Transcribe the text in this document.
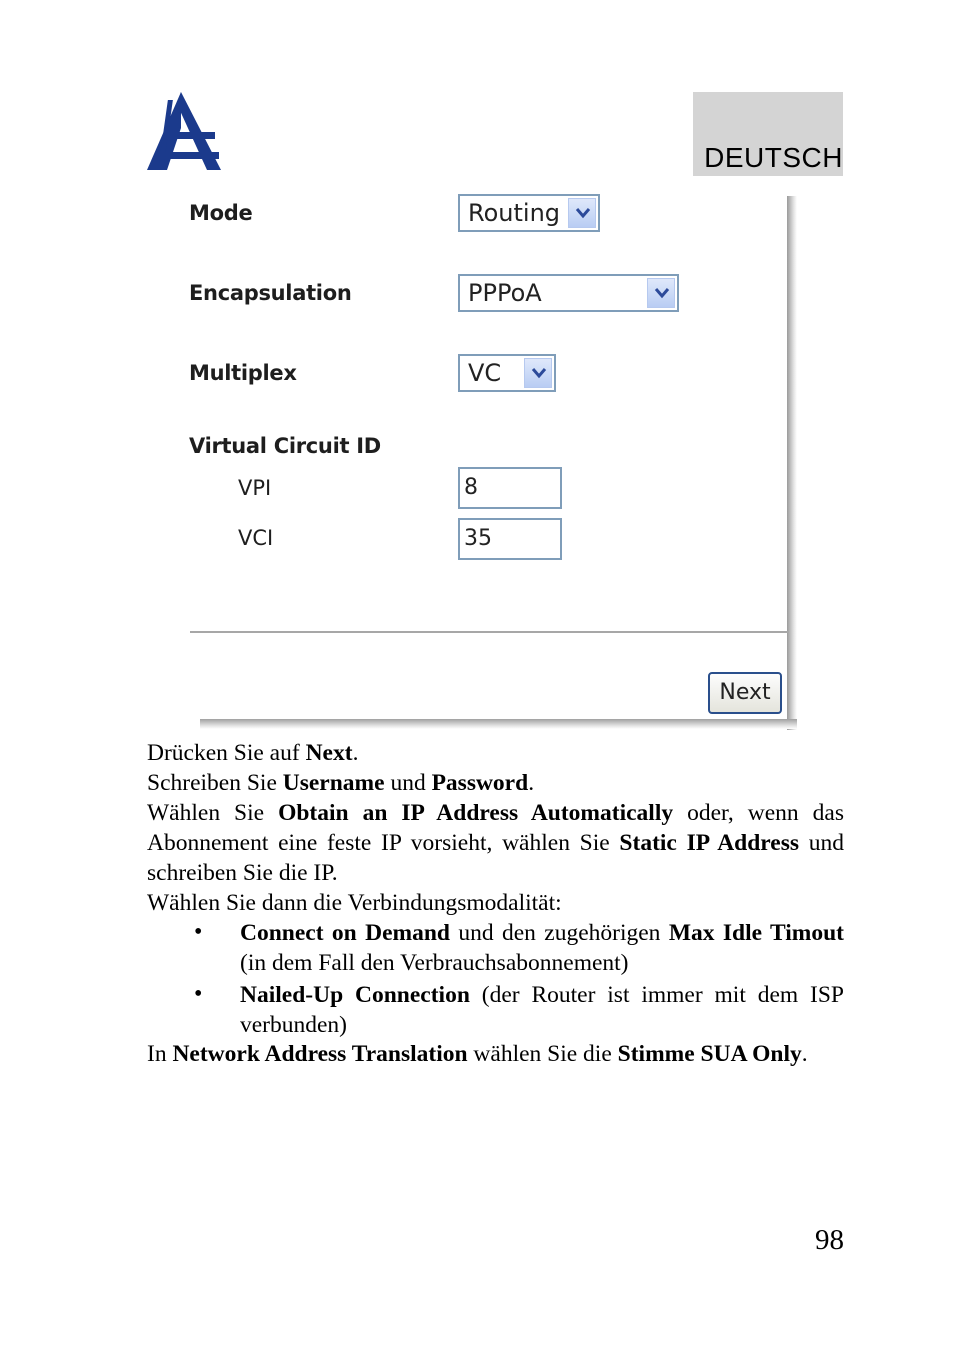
DEUTSCH
Mode	Routing
Encapsulation	PPPoA
Multiplex	VC
Virtual Circuit ID
VPI	8
VCI	35
Next

Drücken Sie auf Next.

Schreiben Sie Username und Password.

Wählen Sie Obtain an IP Address Automatically oder, wenn das Abonnement eine feste IP vorsieht, wählen Sie Static IP Address und schreiben Sie die IP.

Wählen Sie dann die Verbindungsmodalität:

• Connect on Demand und den zugehörigen Max Idle Timout (in dem Fall den Verbrauchsabonnement)
• Nailed-Up Connection (der Router ist immer mit dem ISP verbunden)

In Network Address Translation wählen Sie die Stimme SUA Only.

98
